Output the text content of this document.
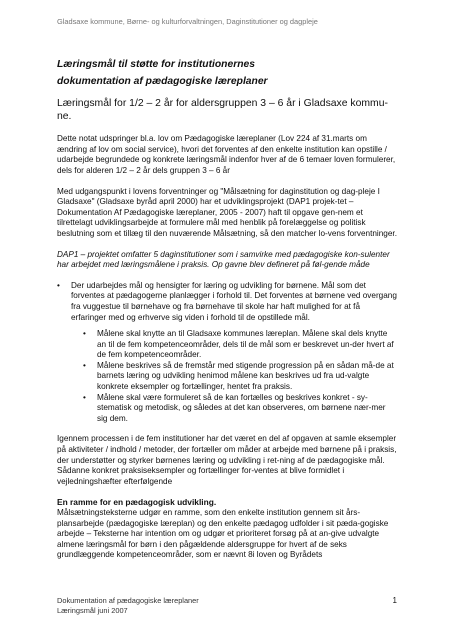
Gladsaxe kommune, Børne- og kulturforvaltningen, Daginstitutioner og dagpleje

Læringsmål til støtte for institutionernes

dokumentation af pædagogiske læreplaner

__________________________________________________________

Læringsmål for 1/2 – 2 år for aldersgruppen 3 – 6 år i Gladsaxe kommu-ne.

Dette notat udspringer bl.a. lov om Pædagogiske læreplaner (Lov 224 af 31.marts om ændring af lov om social service), hvori det forventes af den enkelte institution kan opstille / udarbejde begrundede og konkrete læringsmål indenfor hver af de 6 temaer loven formulerer, dels for alderen 1/2 – 2 år dels gruppen 3 – 6 år

Med udgangspunkt i lovens forventninger og "Målsætning for daginstitution og dag-pleje I Gladsaxe" (Gladsaxe byråd april 2000) har et udviklingsprojekt (DAP1 projek-tet – Dokumentation Af Pædagogiske læreplaner, 2005 - 2007) haft til opgave gen-nem et tilrettelagt udviklingsarbejde at formulere mål med henblik på forelæggelse og politisk beslutning som et tillæg til den nuværende Målsætning, så den matcher lo-vens forventninger.

DAP1 – projektet omfatter 5 daginstitutioner som i samvirke med pædagogiske kon-sulenter har arbejdet med læringsmålene i praksis. Op gavne blev defineret på føl-gende måde

• Der udarbejdes mål og hensigter for læring og udvikling for børnene. Mål som det forventes at pædagogerne planlægger i forhold til. Det forventes at børnene ved overgang fra vuggestue til børnehave og fra børnehave til skole har haft mulighed for at få erfaringer med og erhverve sig viden i forhold til de opstillede mål.
• Målene skal knytte an til Gladsaxe kommunes læreplan. Målene skal dels knytte an til de fem kompetenceområder, dels til de mål som er beskrevet un-der hvert af de fem kompetenceområder.
• Målene beskrives så de fremstår med stigende progression på en sådan må-de at barnets læring og udvikling henimod målene kan beskrives ud fra ud-valgte konkrete eksempler og fortællinger, hentet fra praksis.
• Målene skal være formuleret så de kan fortælles og beskrives konkret - sy-stematisk og metodisk, og således at det kan observeres, om børnene nær-mer sig dem.

Igennem processen i de fem institutioner har det været en del af opgaven at samle eksempler på aktiviteter / indhold / metoder, der fortæller om måder at arbejde med børnene på i praksis, der understøtter og styrker børnenes læring og udvikling i ret-ning af de pædagogiske mål. Sådanne konkret praksiseksempler og fortællinger for-ventes at blive formidlet i vejledningshæfter efterfølgende

En ramme for en pædagogisk udvikling.

Målsætningsteksterne udgør en ramme, som den enkelte institution gennem sit års-plansarbejde (pædagogiske læreplan) og den enkelte pædagog udfolder i sit pæda-gogiske arbejde – Teksterne har intention om og udgør et prioriteret forsøg på at an-give udvalgte almene læringsmål for børn i den pågældende aldersgruppe for hvert af de seks grundlæggende kompetenceområder, som er nævnt 8i loven og Byrådets

Dokumentation af pædagogiske læreplaner
Læringsmål juni 2007
1
